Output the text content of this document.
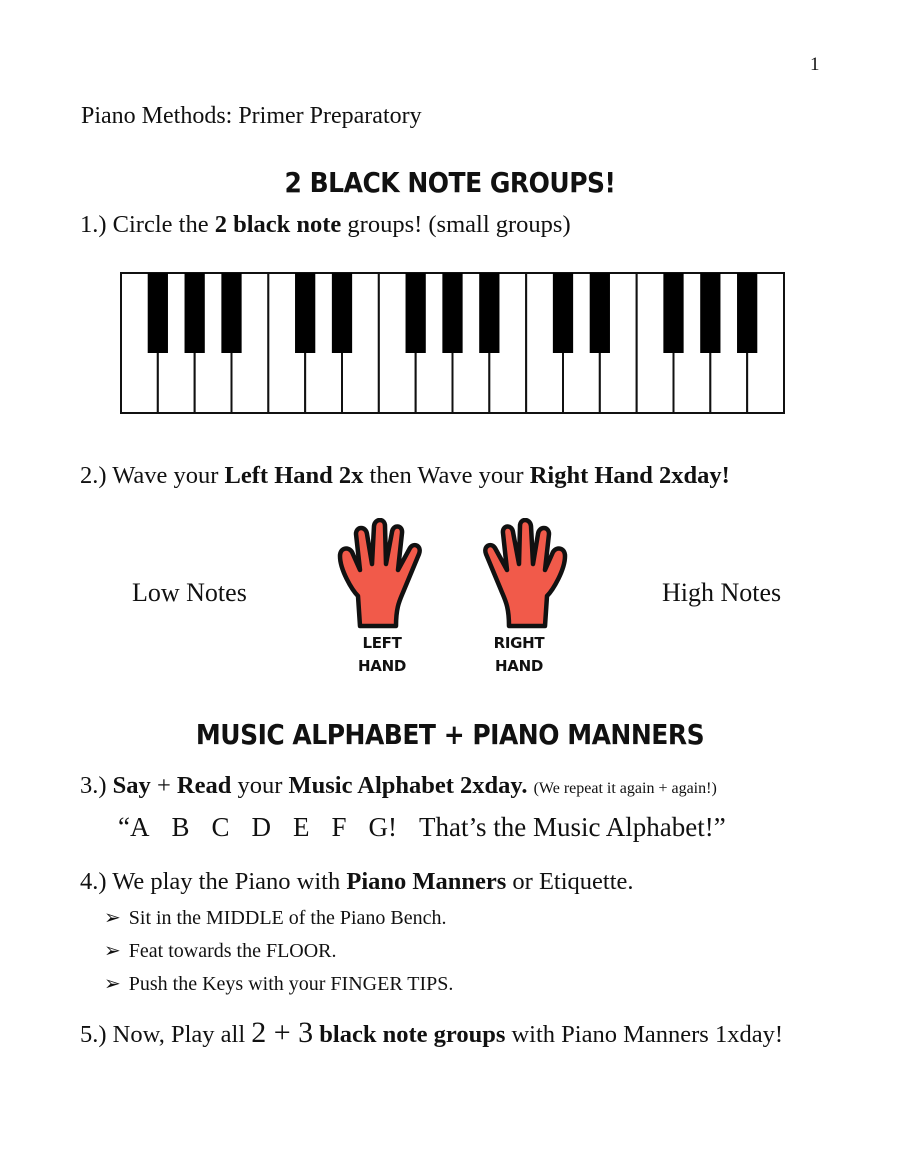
1
Piano Methods: Primer Preparatory
2 BLACK NOTE GROUPS!
1.) Circle the 2 black note groups! (small groups)
2.) Wave your Left Hand 2x then Wave your Right Hand 2xday!
Low Notes	High Notes
LEFT
HAND
RIGHT
HAND
MUSIC ALPHABET + PIANO MANNERS
3.) Say + Read your Music Alphabet 2xday. (We repeat it again + again!)
“A B C D E F G! That’s the Music Alphabet!”
4.) We play the Piano with Piano Manners or Etiquette.
➢ Sit in the MIDDLE of the Piano Bench.
➢ Feat towards the FLOOR.
➢ Push the Keys with your FINGER TIPS.
5.) Now, Play all 2 + 3 black note groups with Piano Manners 1xday!
